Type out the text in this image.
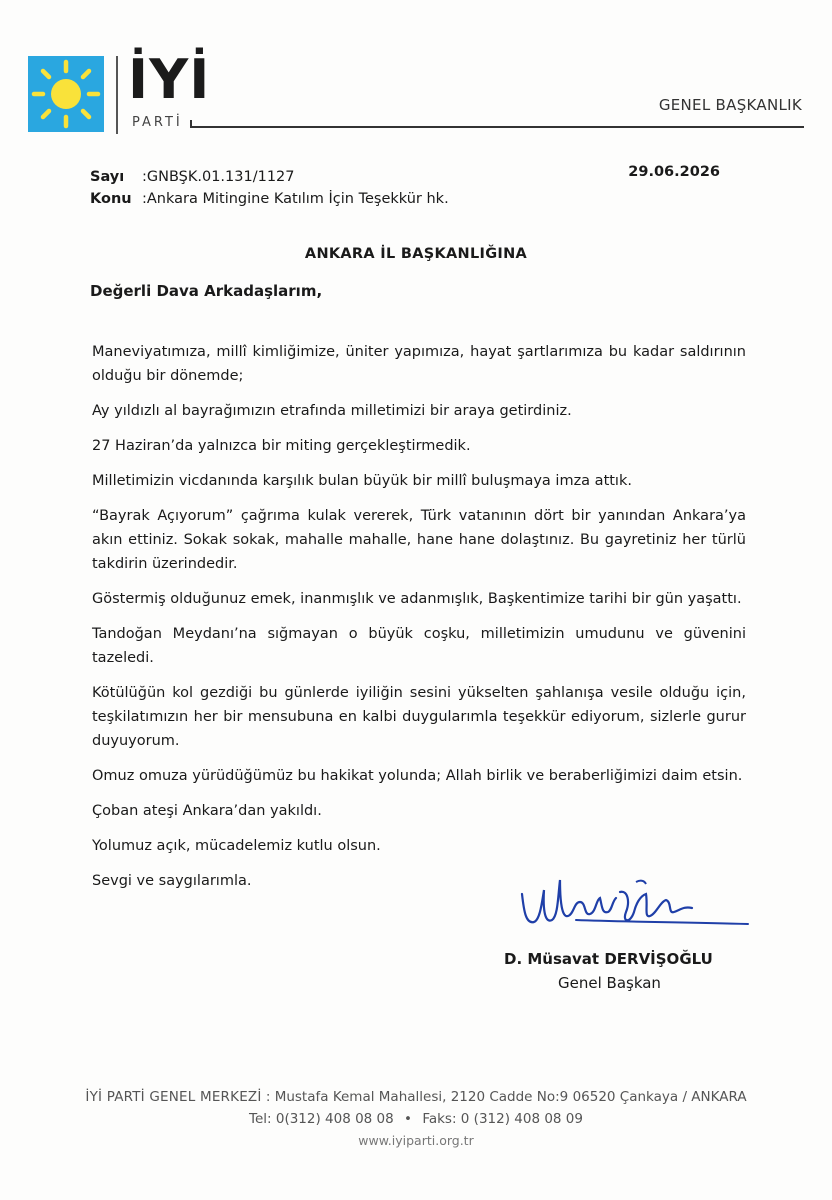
İYİ
PARTİ
GENEL BAŞKANLIK
Sayı :GNBŞK.01.131/1127
Konu :Ankara Mitingine Katılım İçin Teşekkür hk.
29.06.2026
ANKARA İL BAŞKANLIĞINA
Değerli Dava Arkadaşlarım,

Maneviyatımıza, millî kimliğimize, üniter yapımıza, hayat şartlarımıza bu kadar saldırının olduğu bir dönemde;

Ay yıldızlı al bayrağımızın etrafında milletimizi bir araya getirdiniz.

27 Haziran’da yalnızca bir miting gerçekleştirmedik.

Milletimizin vicdanında karşılık bulan büyük bir millî buluşmaya imza attık.

“Bayrak Açıyorum” çağrıma kulak vererek, Türk vatanının dört bir yanından Ankara’ya akın ettiniz. Sokak sokak, mahalle mahalle, hane hane dolaştınız. Bu gayretiniz her türlü takdirin üzerindedir.

Göstermiş olduğunuz emek, inanmışlık ve adanmışlık, Başkentimize tarihi bir gün yaşattı.

Tandoğan Meydanı’na sığmayan o büyük coşku, milletimizin umudunu ve güvenini tazeledi.

Kötülüğün kol gezdiği bu günlerde iyiliğin sesini yükselten şahlanışa vesile olduğu için, teşkilatımızın her bir mensubuna en kalbi duygularımla teşekkür ediyorum, sizlerle gurur duyuyorum.

Omuz omuza yürüdüğümüz bu hakikat yolunda; Allah birlik ve beraberliğimizi daim etsin.

Çoban ateşi Ankara’dan yakıldı.

Yolumuz açık, mücadelemiz kutlu olsun.

Sevgi ve saygılarımla.

D. Müsavat DERVİŞOĞLU
Genel Başkan
İYİ PARTİ GENEL MERKEZİ : Mustafa Kemal Mahallesi, 2120 Cadde No:9 06520 Çankaya / ANKARA
Tel: 0(312) 408 08 08 • Faks: 0 (312) 408 08 09
www.iyiparti.org.tr
